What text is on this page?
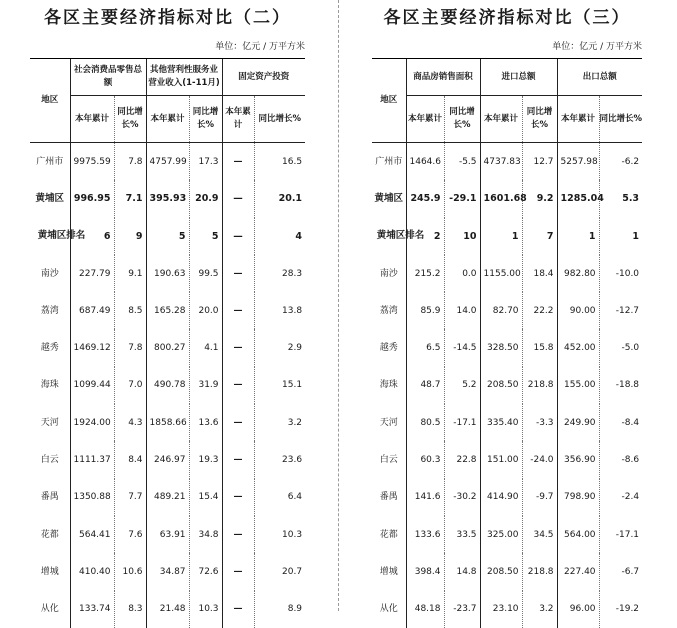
各区主要经济指标对比（二）
单位：亿元 / 万平方米
地区	社会消费品零售总额		其他营利性服务业营业收入(1-11月)		固定资产投资	
	本年累计	同比增长%	本年累计	同比增长%	本年累计	同比增长%
广州市	9975.59	7.8	4757.99	17.3	—	16.5
黄埔区	996.95	7.1	395.93	20.9	—	20.1
黄埔区排名	6	9	5	5	—	4
南沙	227.79	9.1	190.63	99.5	—	28.3
荔湾	687.49	8.5	165.28	20.0	—	13.8
越秀	1469.12	7.8	800.27	4.1	—	2.9
海珠	1099.44	7.0	490.78	31.9	—	15.1
天河	1924.00	4.3	1858.66	13.6	—	3.2
白云	1111.37	8.4	246.97	19.3	—	23.6
番禺	1350.88	7.7	489.21	15.4	—	6.4
花都	564.41	7.6	63.91	34.8	—	10.3
增城	410.40	10.6	34.87	72.6	—	20.7
从化	133.74	8.3	21.48	10.3	—	8.9
各区主要经济指标对比（三）
单位：亿元 / 万平方米
地区	商品房销售面积		进口总额		出口总额	
	本年累计	同比增长%	本年累计	同比增长%	本年累计	同比增长%
广州市	1464.6	-5.5	4737.83	12.7	5257.98	-6.2
黄埔区	245.9	-29.1	1601.68	9.2	1285.04	5.3
黄埔区排名	2	10	1	7	1	1
南沙	215.2	0.0	1155.00	18.4	982.80	-10.0
荔湾	85.9	14.0	82.70	22.2	90.00	-12.7
越秀	6.5	-14.5	328.50	15.8	452.00	-5.0
海珠	48.7	5.2	208.50	218.8	155.00	-18.8
天河	80.5	-17.1	335.40	-3.3	249.90	-8.4
白云	60.3	22.8	151.00	-24.0	356.90	-8.6
番禺	141.6	-30.2	414.90	-9.7	798.90	-2.4
花都	133.6	33.5	325.00	34.5	564.00	-17.1
增城	398.4	14.8	208.50	218.8	227.40	-6.7
从化	48.18	-23.7	23.10	3.2	96.00	-19.2
